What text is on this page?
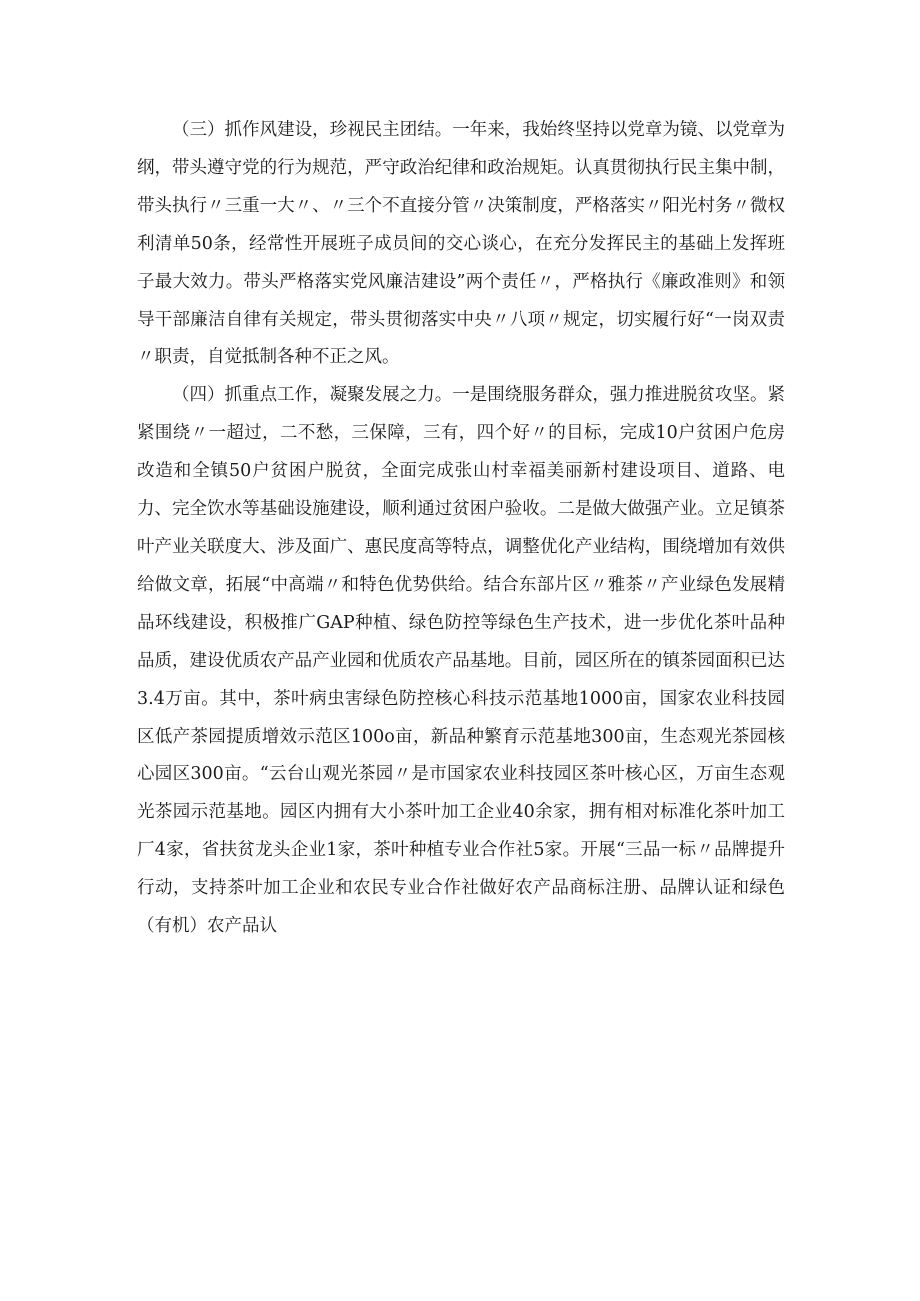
（三）抓作风建设，珍视民主团结。一年来，我始终坚持以党章为镜、以党章为纲，带头遵守党的行为规范，严守政治纪律和政治规矩。认真贯彻执行民主集中制，带头执行〃三重一大〃、〃三个不直接分管〃决策制度，严格落实〃阳光村务〃微权利清单50条，经常性开展班子成员间的交心谈心，在充分发挥民主的基础上发挥班子最大效力。带头严格落实党风廉洁建设”两个责任〃，严格执行《廉政准则》和领导干部廉洁自律有关规定，带头贯彻落实中央〃八项〃规定，切实履行好“一岗双责〃职责，自觉抵制各种不正之风。

（四）抓重点工作，凝聚发展之力。一是围绕服务群众，强力推进脱贫攻坚。紧紧围绕〃一超过，二不愁，三保障，三有，四个好〃的目标，完成10户贫困户危房改造和全镇50户贫困户脱贫，全面完成张山村幸福美丽新村建设项目、道路、电力、完全饮水等基础设施建设，顺利通过贫困户验收。二是做大做强产业。立足镇茶叶产业关联度大、涉及面广、惠民度高等特点，调整优化产业结构，围绕增加有效供给做文章，拓展“中高端〃和特色优势供给。结合东部片区〃雅茶〃产业绿色发展精品环线建设，积极推广GAP种植、绿色防控等绿色生产技术，进一步优化茶叶品种品质，建设优质农产品产业园和优质农产品基地。目前，园区所在的镇茶园面积已达3.4万亩。其中，茶叶病虫害绿色防控核心科技示范基地1000亩，国家农业科技园区低产茶园提质增效示范区100o亩，新品种繁育示范基地300亩，生态观光茶园核心园区300亩。“云台山观光茶园〃是市国家农业科技园区茶叶核心区，万亩生态观光茶园示范基地。园区内拥有大小茶叶加工企业40余家，拥有相对标准化茶叶加工厂4家，省扶贫龙头企业1家，茶叶种植专业合作社5家。开展“三品一标〃品牌提升行动，支持茶叶加工企业和农民专业合作社做好农产品商标注册、品牌认证和绿色（有机）农产品认
